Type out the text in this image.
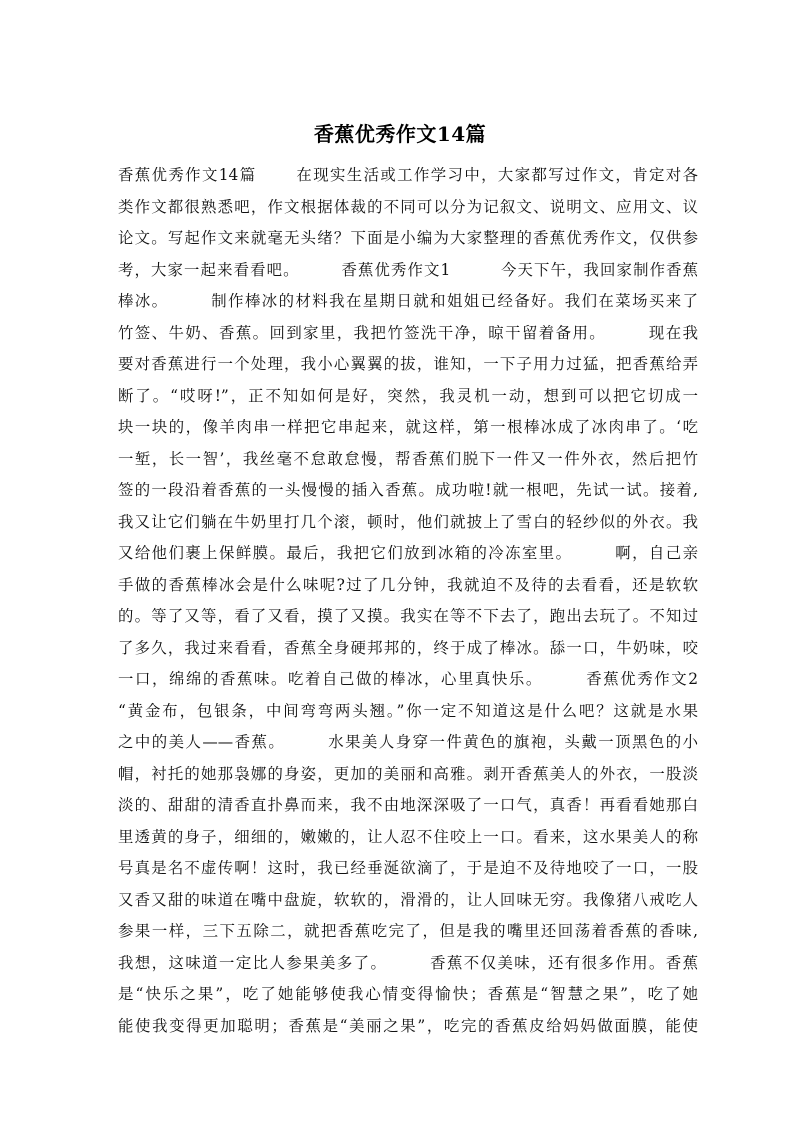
香蕉优秀作文14篇
香蕉优秀作文14篇　　 在现实生活或工作学习中，大家都写过作文，肯定对各
类作文都很熟悉吧，作文根据体裁的不同可以分为记叙文、说明文、应用文、议
论文。写起作文来就毫无头绪？下面是小编为大家整理的香蕉优秀作文，仅供参
考，大家一起来看看吧。　　　香蕉优秀作文1　　　今天下午，我回家制作香蕉
棒冰。　　　制作棒冰的材料我在星期日就和姐姐已经备好。我们在菜场买来了
竹签、牛奶、香蕉。回到家里，我把竹签洗干净，晾干留着备用。　　　现在我
要对香蕉进行一个处理，我小心翼翼的拔，谁知，一下子用力过猛，把香蕉给弄
断了。“哎呀!”，正不知如何是好，突然，我灵机一动，想到可以把它切成一
块一块的，像羊肉串一样把它串起来，就这样，第一根棒冰成了冰肉串了。‘吃
一堑，长一智’，我丝毫不怠敢怠慢，帮香蕉们脱下一件又一件外衣，然后把竹
签的一段沿着香蕉的一头慢慢的插入香蕉。成功啦!就一根吧，先试一试。接着,
我又让它们躺在牛奶里打几个滚，顿时，他们就披上了雪白的轻纱似的外衣。我
又给他们裹上保鲜膜。最后，我把它们放到冰箱的冷冻室里。　　　啊，自己亲
手做的香蕉棒冰会是什么味呢?过了几分钟，我就迫不及待的去看看，还是软软
的。等了又等，看了又看，摸了又摸。我实在等不下去了，跑出去玩了。不知过
了多久，我过来看看，香蕉全身硬邦邦的，终于成了棒冰。舔一口，牛奶味，咬
一口，绵绵的香蕉味。吃着自己做的棒冰，心里真快乐。　　　香蕉优秀作文2
“黄金布，包银条，中间弯弯两头翘。”你一定不知道这是什么吧？这就是水果
之中的美人——香蕉。　　　水果美人身穿一件黄色的旗袍，头戴一顶黑色的小
帽，衬托的她那袅娜的身姿，更加的美丽和高雅。剥开香蕉美人的外衣，一股淡
淡的、甜甜的清香直扑鼻而来，我不由地深深吸了一口气，真香！再看看她那白
里透黄的身子，细细的，嫩嫩的，让人忍不住咬上一口。看来，这水果美人的称
号真是名不虚传啊！这时，我已经垂涎欲滴了，于是迫不及待地咬了一口，一股
又香又甜的味道在嘴中盘旋，软软的，滑滑的，让人回味无穷。我像猪八戒吃人
参果一样，三下五除二，就把香蕉吃完了，但是我的嘴里还回荡着香蕉的香味,
我想，这味道一定比人参果美多了。　　　香蕉不仅美味，还有很多作用。香蕉
是“快乐之果”，吃了她能够使我心情变得愉快；香蕉是“智慧之果”，吃了她
能使我变得更加聪明；香蕉是“美丽之果”，吃完的香蕉皮给妈妈做面膜，能使
